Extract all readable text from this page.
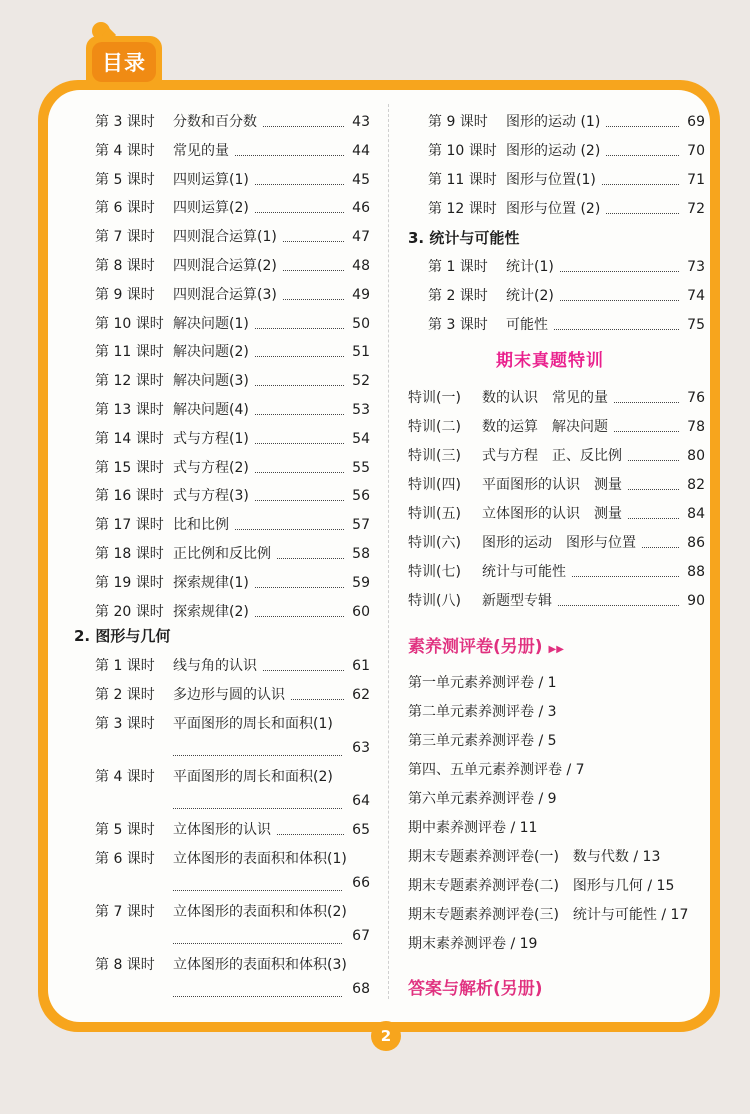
目录
第 3 课时	分数和百分数	43
第 4 课时	常见的量	44
第 5 课时	四则运算(1)	45
第 6 课时	四则运算(2)	46
第 7 课时	四则混合运算(1)	47
第 8 课时	四则混合运算(2)	48
第 9 课时	四则混合运算(3)	49
第 10 课时 解决问题(1)	50
第 11 课时 解决问题(2)	51
第 12 课时 解决问题(3)	52
第 13 课时 解决问题(4)	53
第 14 课时 式与方程(1)	54
第 15 课时 式与方程(2)	55
第 16 课时 式与方程(3)	56
第 17 课时 比和比例	57
第 18 课时 正比例和反比例	58
第 19 课时 探索规律(1)	59
第 20 课时 探索规律(2)	60
2. 图形与几何
第 1 课时	线与角的认识	61
第 2 课时	多边形与圆的认识	62
第 3 课时	平面图形的周长和面积(1)
63
第 4 课时	平面图形的周长和面积(2)
64
第 5 课时	立体图形的认识	65
第 6 课时	立体图形的表面积和体积(1)
66
第 7 课时	立体图形的表面积和体积(2)
67
第 8 课时	立体图形的表面积和体积(3)
68
第 9 课时	图形的运动 (1)	69
第 10 课时 图形的运动 (2)	70
第 11 课时 图形与位置(1)	71
第 12 课时 图形与位置 (2)	72
3. 统计与可能性
第 1 课时	统计(1)	73
第 2 课时	统计(2)	74
第 3 课时	可能性	75
期末真题特训
特训(一)	数的认识　常见的量	76
特训(二)	数的运算　解决问题	78
特训(三)	式与方程　正、反比例	80
特训(四)	平面图形的认识　测量	82
特训(五)	立体图形的认识　测量	84
特训(六)	图形的运动　图形与位置	86
特训(七)	统计与可能性	88
特训(八)	新题型专辑	90
素养测评卷(另册) ▶▶
第一单元素养测评卷 / 1
第二单元素养测评卷 / 3
第三单元素养测评卷 / 5
第四、五单元素养测评卷 / 7
第六单元素养测评卷 / 9
期中素养测评卷 / 11
期末专题素养测评卷(一)　数与代数 / 13
期末专题素养测评卷(二)　图形与几何 / 15
期末专题素养测评卷(三)　统计与可能性 / 17
期末素养测评卷 / 19
答案与解析(另册)
2
